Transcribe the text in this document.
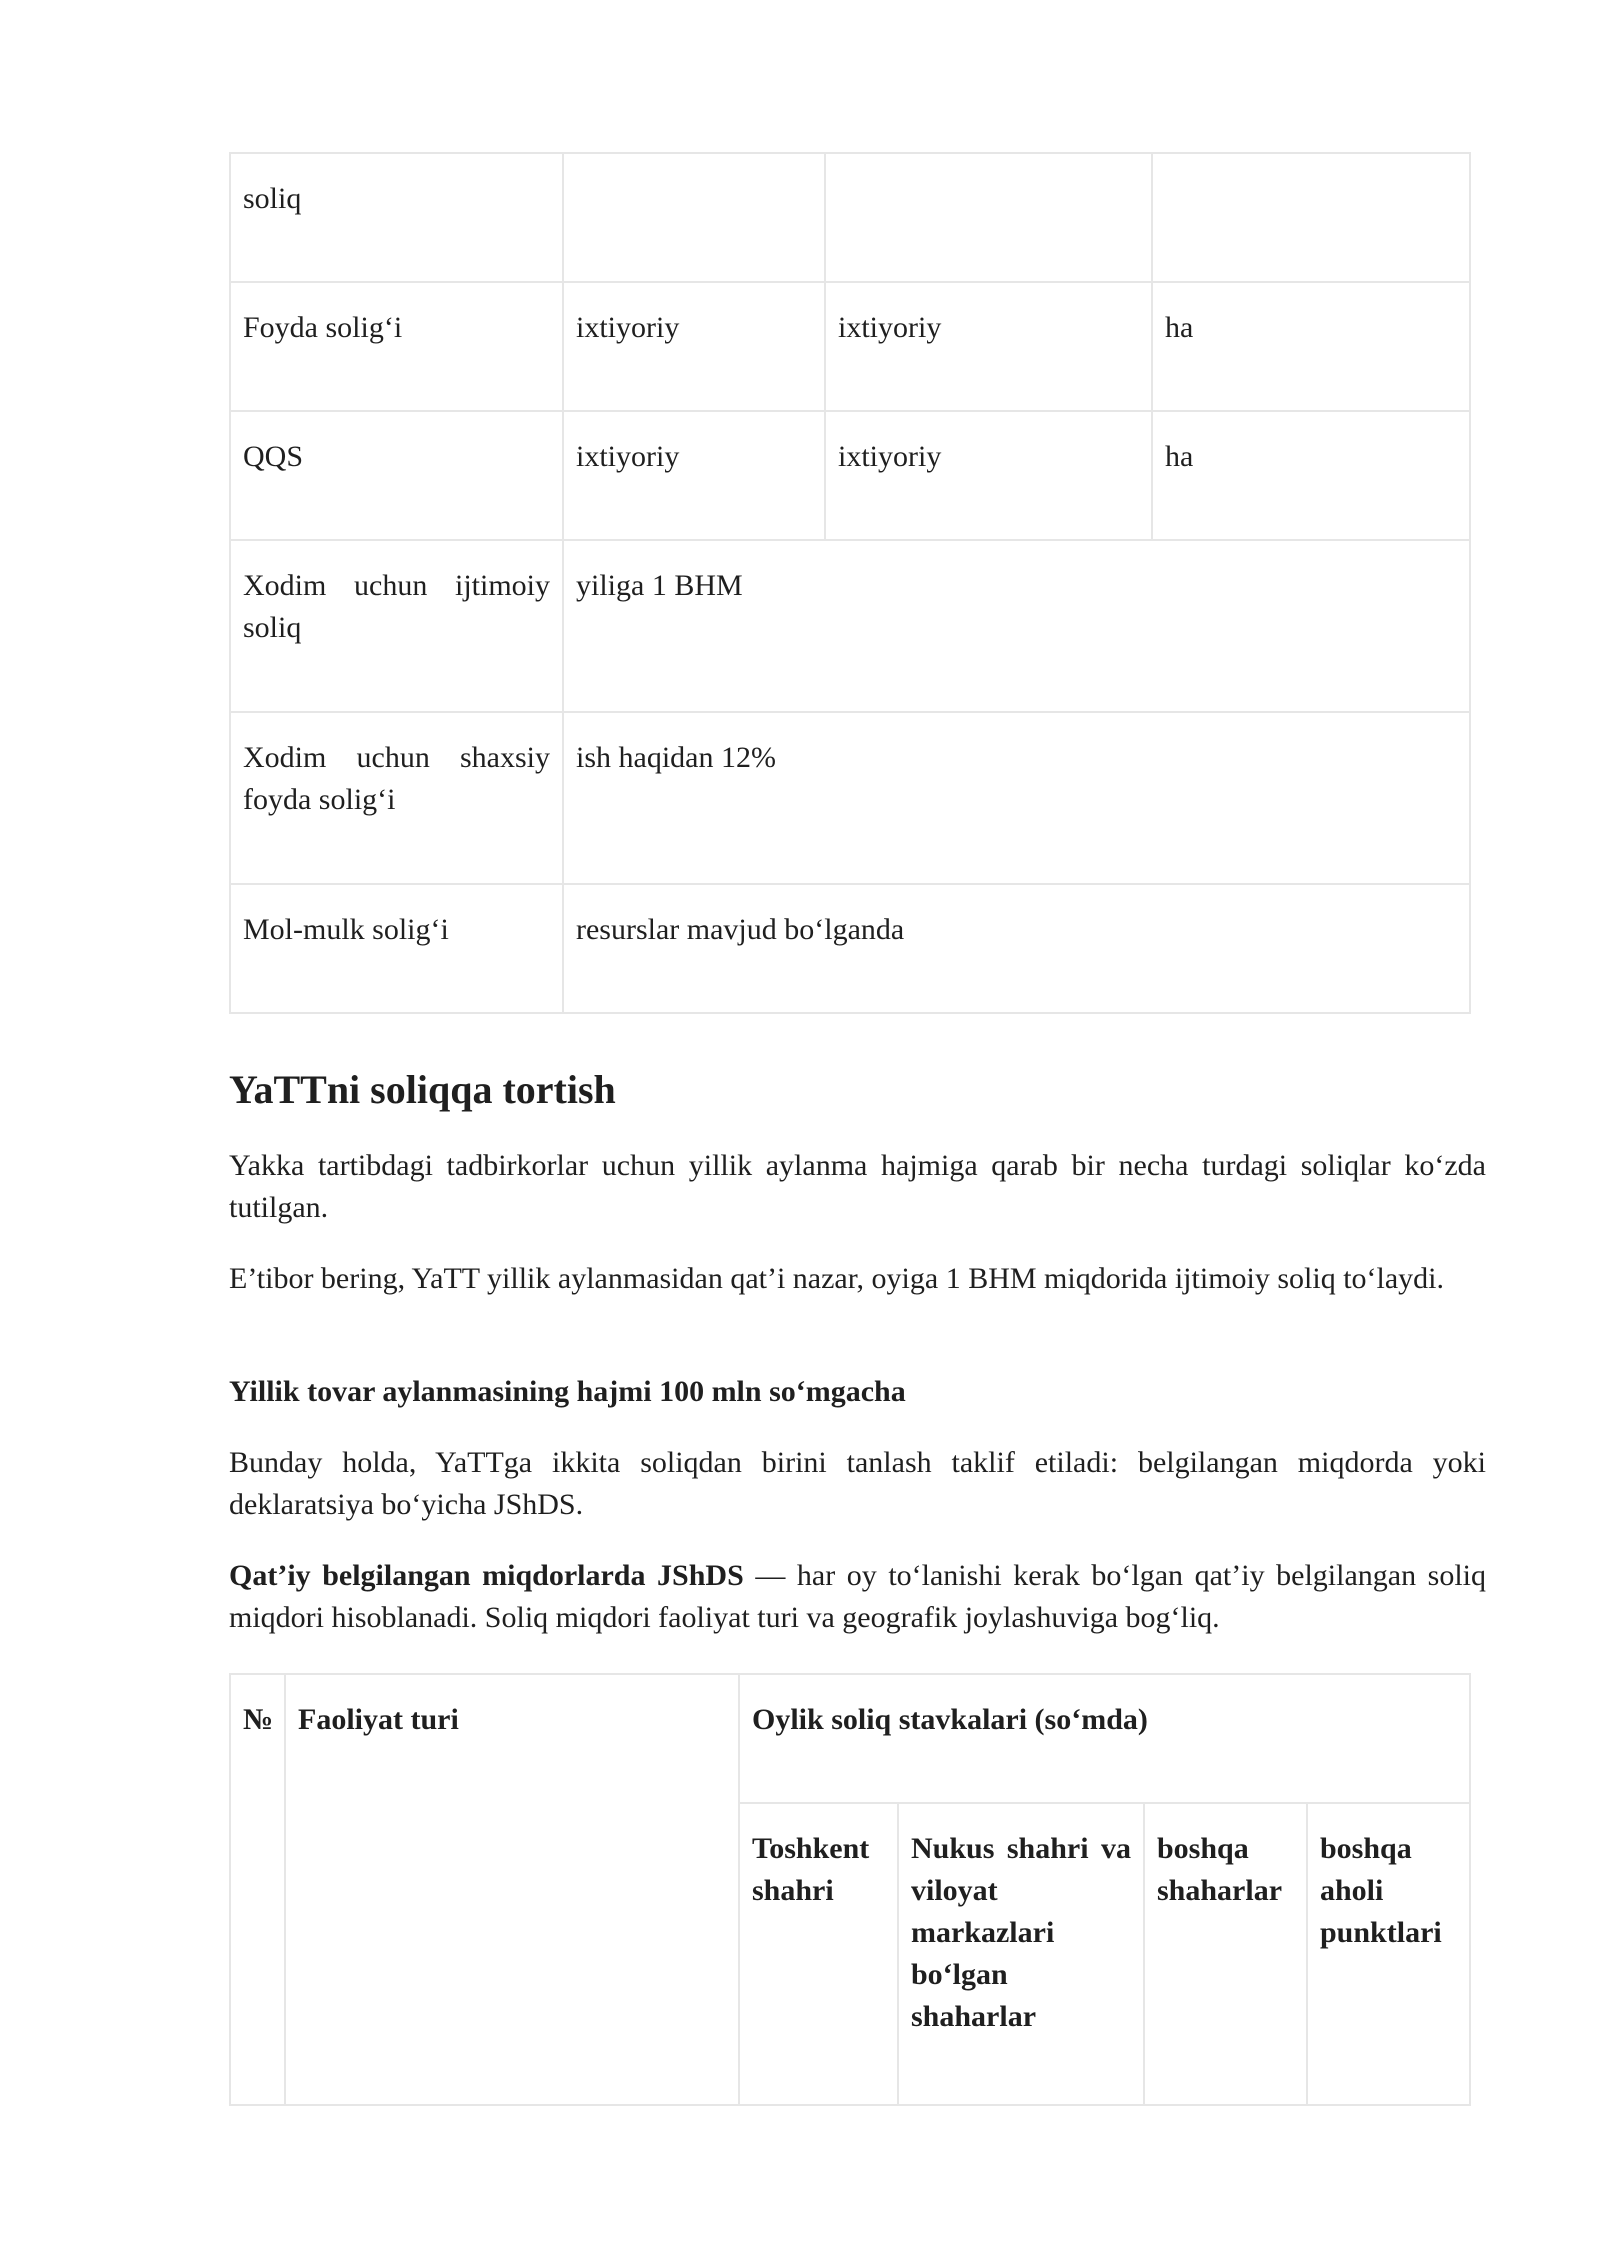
soliq			
Foyda solig‘i	ixtiyoriy	ixtiyoriy	ha
QQS	ixtiyoriy	ixtiyoriy	ha
Xodim uchun ijtimoiy soliq	yiliga 1 BHM		
Xodim uchun shaxsiy foyda solig‘i	ish haqidan 12%		
Mol-mulk solig‘i	resurslar mavjud bo‘lganda		
YaTTni soliqqa tortish

Yakka tartibdagi tadbirkorlar uchun yillik aylanma hajmiga qarab bir necha turdagi soliqlar ko‘zda tutilgan.

E’tibor bering, YaTT yillik aylanmasidan qat’i nazar, oyiga 1 BHM miqdorida ijtimoiy soliq to‘laydi.

Yillik tovar aylanmasining hajmi 100 mln so‘mgacha

Bunday holda, YaTTga ikkita soliqdan birini tanlash taklif etiladi: belgilangan miqdorda yoki deklaratsiya bo‘yicha JShDS.

Qat’iy belgilangan miqdorlarda JShDS — har oy to‘lanishi kerak bo‘lgan qat’iy belgilangan soliq miqdori hisoblanadi. Soliq miqdori faoliyat turi va geografik joylashuviga bog‘liq.

№	Faoliyat turi	Oylik soliq stavkalari (so‘mda)			
		Toshkent shahri	Nukus shahri va viloyat markazlari bo‘lgan shaharlar	boshqa shaharlar	boshqa aholi punktlari
